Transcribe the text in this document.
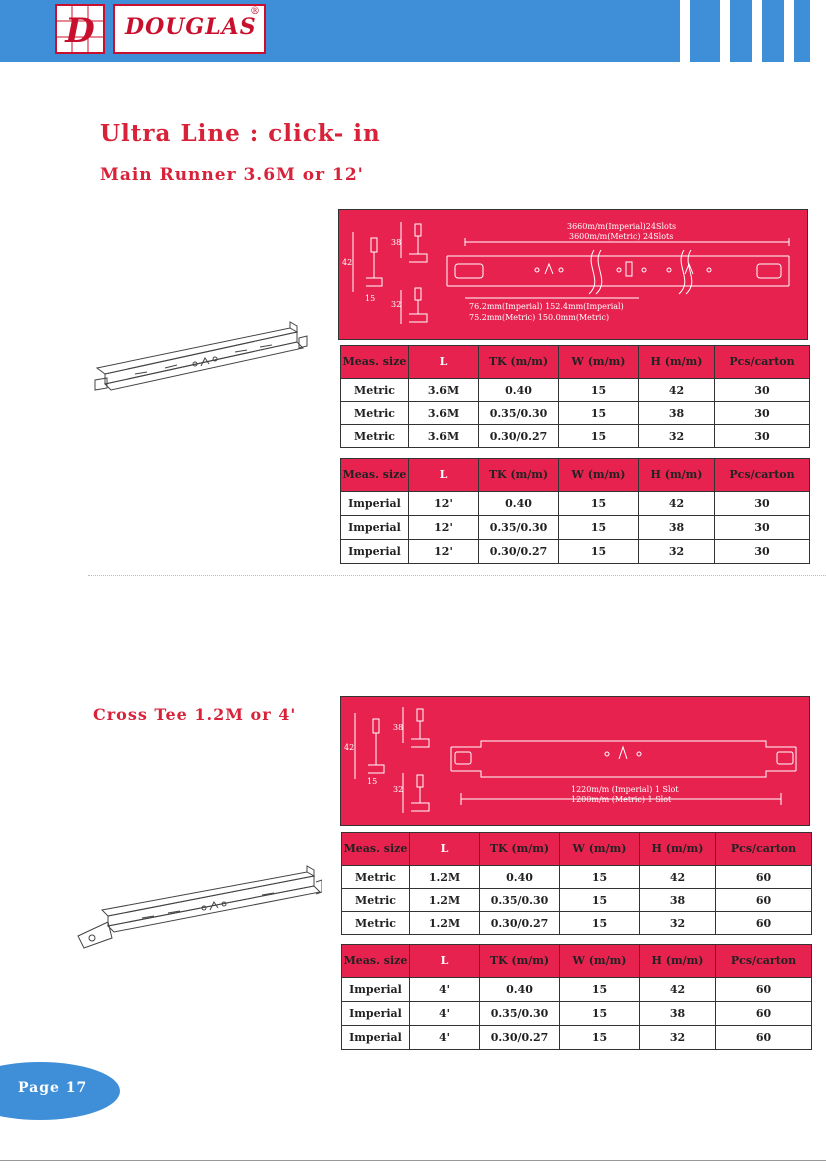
D DOUGLAS
®
Ultra Line : click- in
Main Runner 3.6M or 12'
3660m/m(Imperial)24Slots
3600m/m(Metric) 24Slots
76.2mm(Imperial) 152.4mm(Imperial)
75.2mm(Metric) 150.0mm(Metric)
42
38
32
15
Meas. size	L	TK (m/m)	W (m/m)	H (m/m)	Pcs/carton
Metric	3.6M	0.40	15	42	30
Metric	3.6M	0.35/0.30	15	38	30
Metric	3.6M	0.30/0.27	15	32	30
Meas. size	L	TK (m/m)	W (m/m)	H (m/m)	Pcs/carton
Imperial	12'	0.40	15	42	30
Imperial	12'	0.35/0.30	15	38	30
Imperial	12'	0.30/0.27	15	32	30
Cross Tee 1.2M or 4'
1220m/m (Imperial) 1 Slot
1200m/m (Metric) 1 Slot
42
38
32
15
Meas. size	L	TK (m/m)	W (m/m)	H (m/m)	Pcs/carton
Metric	1.2M	0.40	15	42	60
Metric	1.2M	0.35/0.30	15	38	60
Metric	1.2M	0.30/0.27	15	32	60
Meas. size	L	TK (m/m)	W (m/m)	H (m/m)	Pcs/carton
Imperial	4'	0.40	15	42	60
Imperial	4'	0.35/0.30	15	38	60
Imperial	4'	0.30/0.27	15	32	60
Page 17
